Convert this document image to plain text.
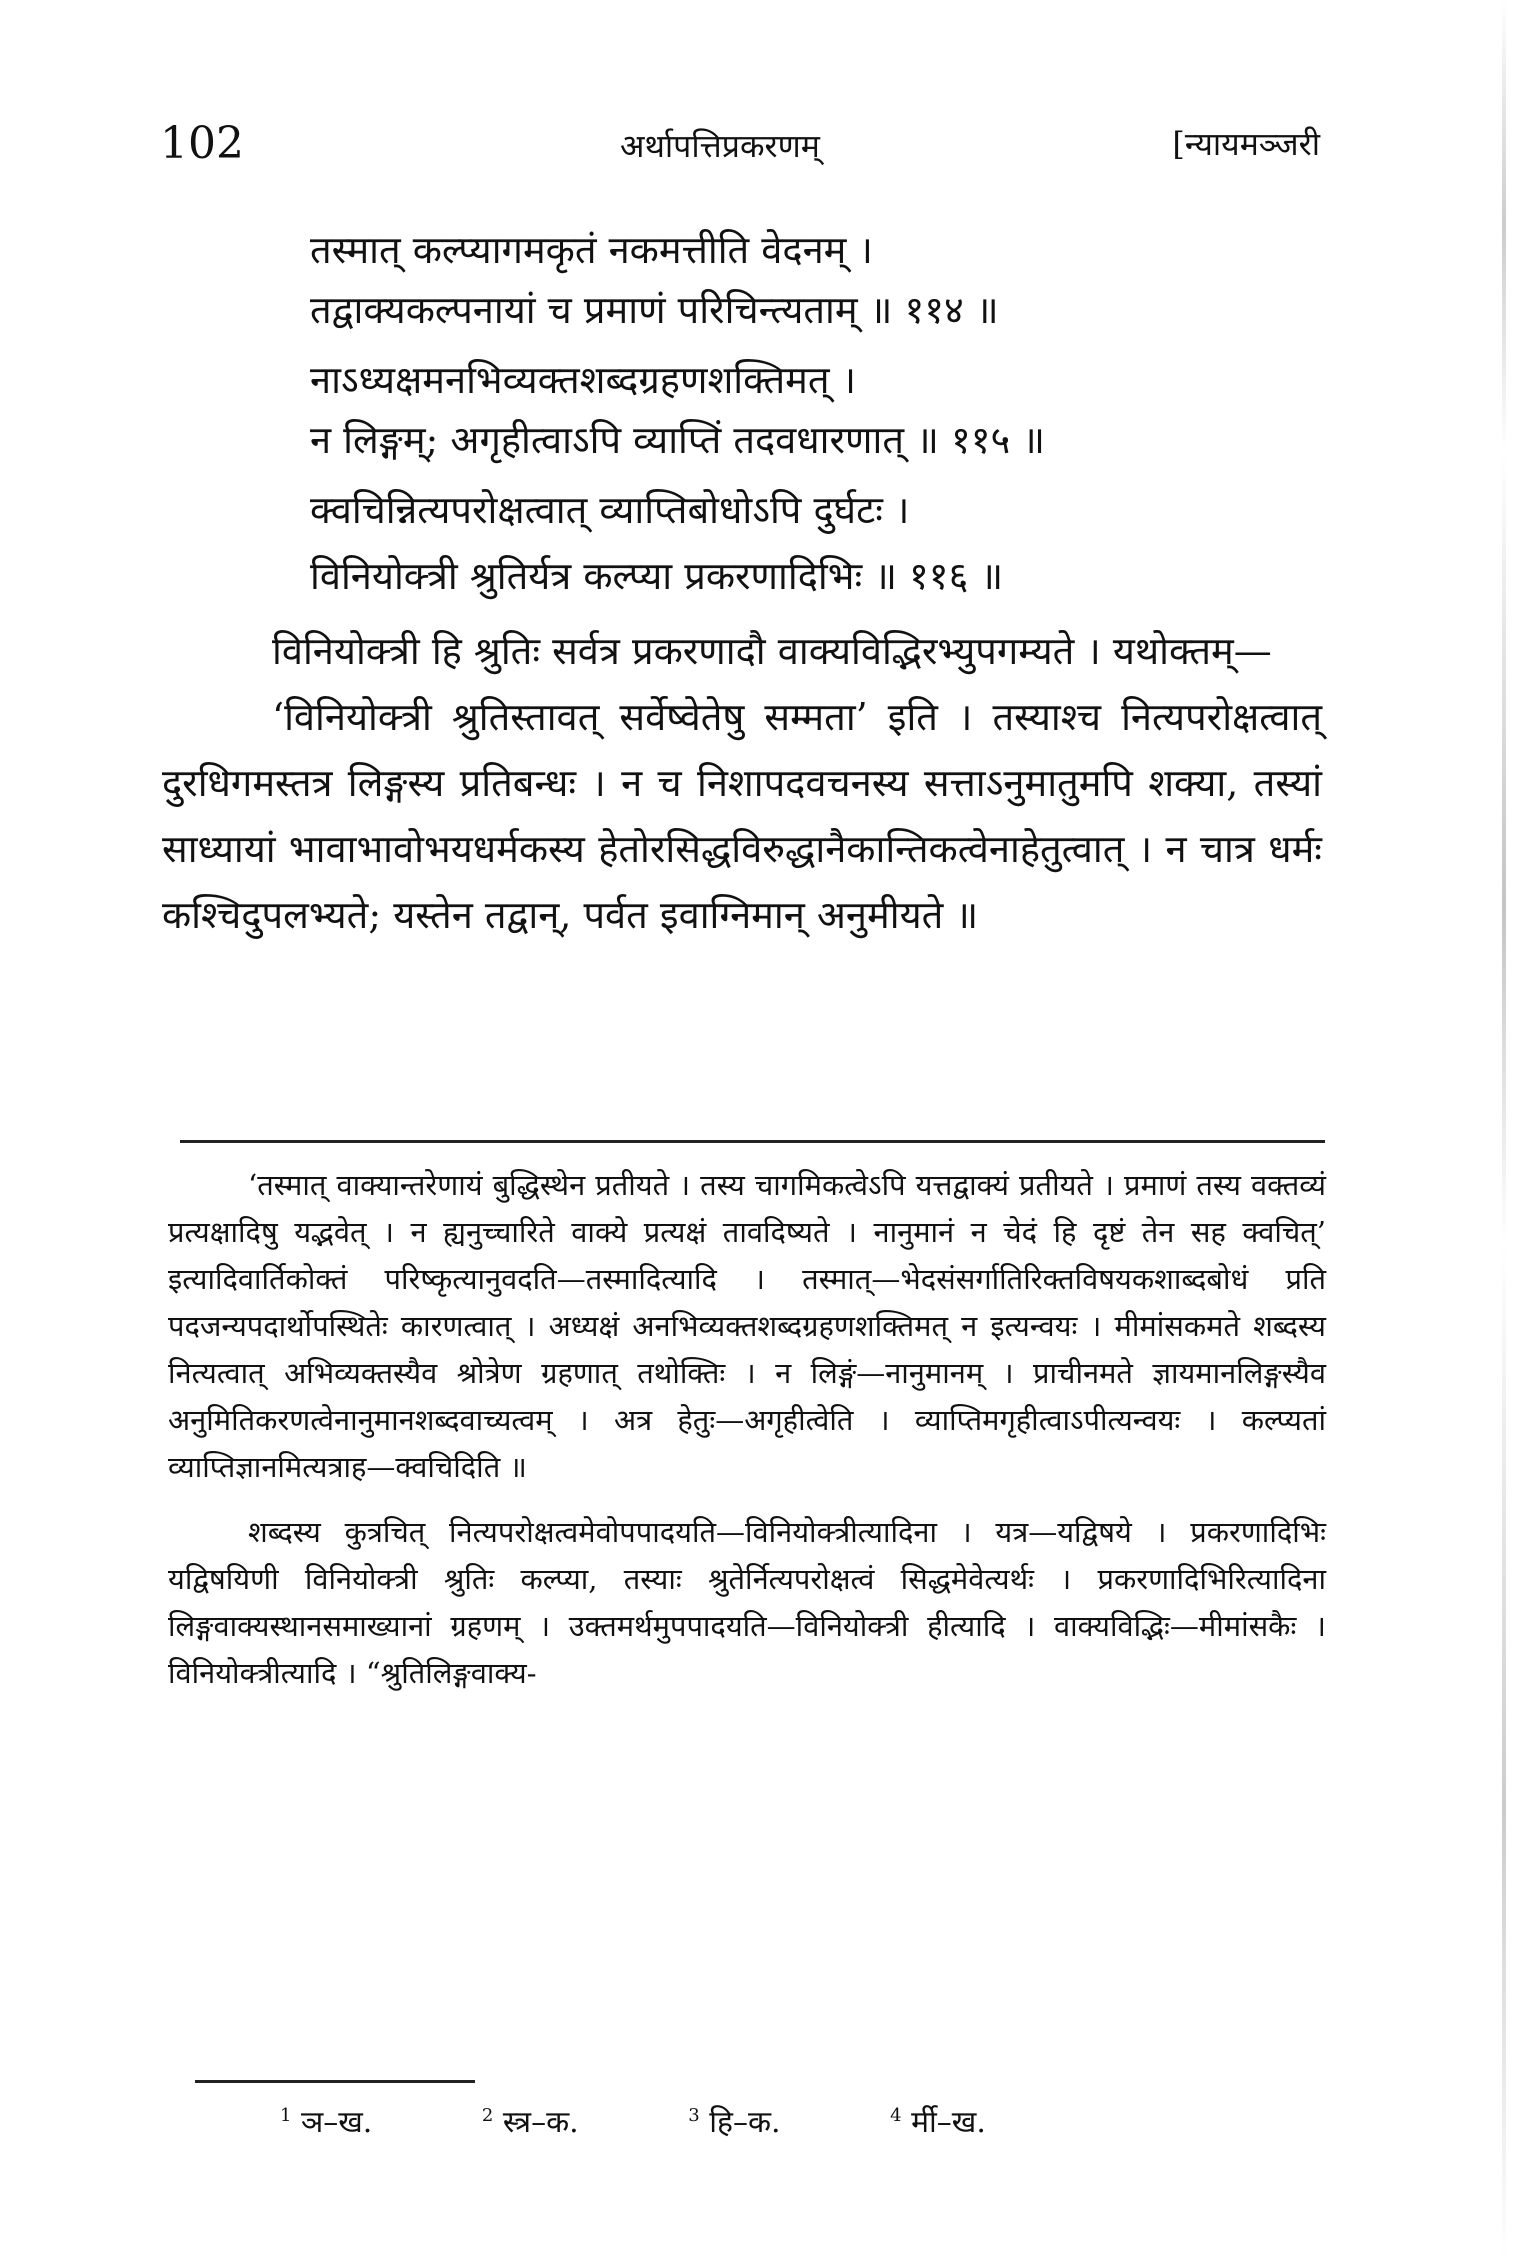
102	अर्थापत्तिप्रकरणम्	[न्यायमञ्जरी
तस्मात् कल्प्यागमकृतं नकमत्तीति वेदनम् ।
तद्वाक्यकल्पनायां च प्रमाणं परिचिन्त्यताम् ॥ ११४ ॥
नाऽध्यक्षमनभिव्यक्तशब्दग्रहणशक्तिमत् ।
न लिङ्गम्; अगृहीत्वाऽपि व्याप्तिं तदवधारणात् ॥ ११५ ॥
क्वचिन्नित्यपरोक्षत्वात् व्याप्तिबोधोऽपि दुर्घटः ।
विनियोक्त्री श्रुतिर्यत्र कल्प्या प्रकरणादिभिः ॥ ११६ ॥

विनियोक्त्री हि श्रुतिः सर्वत्र प्रकरणादौ वाक्यविद्भिरभ्युपगम्यते । यथोक्तम्—

‘विनियोक्त्री श्रुतिस्तावत् सर्वेष्वेतेषु सम्मता’ इति । तस्याश्च नित्यपरोक्षत्वात् दुरधिगमस्तत्र लिङ्गस्य प्रतिबन्धः । न च निशापदवचनस्य सत्ताऽनुमातुमपि शक्या, तस्यां साध्यायां भावाभावोभयधर्मकस्य हेतोरसिद्धविरुद्धानैकान्तिकत्वेनाहेतुत्वात् । न चात्र धर्मः कश्चिदुपलभ्यते; यस्तेन तद्वान्, पर्वत इवाग्निमान् अनुमीयते ॥

‘तस्मात् वाक्यान्तरेणायं बुद्धिस्थेन प्रतीयते । तस्य चागमिकत्वेऽपि यत्तद्वाक्यं प्रतीयते । प्रमाणं तस्य वक्तव्यं प्रत्यक्षादिषु यद्भवेत् । न ह्यनुच्चारिते वाक्ये प्रत्यक्षं तावदिष्यते । नानुमानं न चेदं हि दृष्टं तेन सह क्वचित्’ इत्यादिवार्तिकोक्तं परिष्कृत्यानुवदति—तस्मादित्यादि । तस्मात्—भेदसंसर्गातिरिक्तविषयकशाब्दबोधं प्रति पदजन्यपदार्थोपस्थितेः कारणत्वात् । अध्यक्षं अनभिव्यक्तशब्दग्रहणशक्तिमत् न इत्यन्वयः । मीमांसकमते शब्दस्य नित्यत्वात् अभिव्यक्तस्यैव श्रोत्रेण ग्रहणात् तथोक्तिः । न लिङ्गं—नानुमानम् । प्राचीनमते ज्ञायमानलिङ्गस्यैव अनुमितिकरणत्वेनानुमानशब्दवाच्यत्वम् । अत्र हेतुः—अगृहीत्वेति । व्याप्तिमगृहीत्वाऽपीत्यन्वयः । कल्प्यतां व्याप्तिज्ञानमित्यत्राह—क्वचिदिति ॥

शब्दस्य कुत्रचित् नित्यपरोक्षत्वमेवोपपादयति—विनियोक्त्रीत्यादिना । यत्र—यद्विषये । प्रकरणादिभिः यद्विषयिणी विनियोक्त्री श्रुतिः कल्प्या, तस्याः श्रुतेर्नित्यपरोक्षत्वं सिद्धमेवेत्यर्थः । प्रकरणादिभिरित्यादिना लिङ्गवाक्यस्थानसमाख्यानां ग्रहणम् । उक्तमर्थमुपपादयति—विनियोक्त्री हीत्यादि । वाक्यविद्भिः—मीमांसकैः । विनियोक्त्रीत्यादि । “श्रुतिलिङ्गवाक्य-

$^1$ ञ–ख.	$^2$ स्त्र–क.	$^3$ हि–क.	$^4$ र्मी–ख.
